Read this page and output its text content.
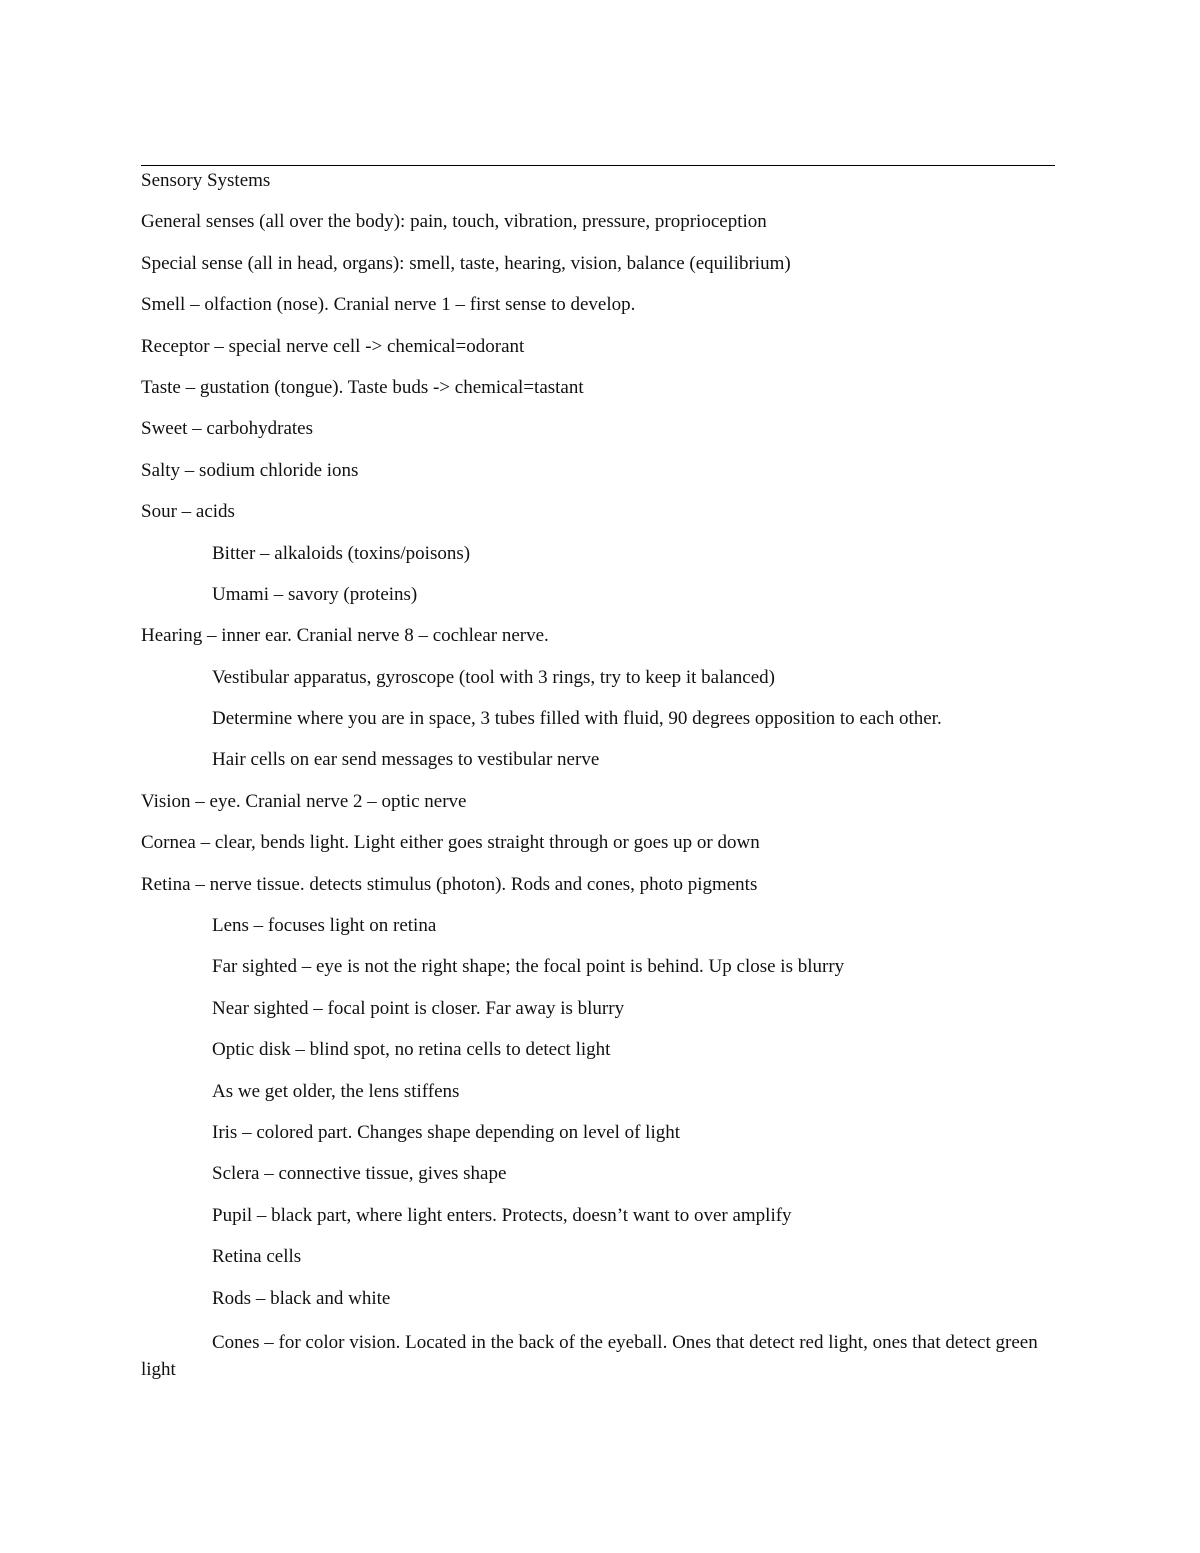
Sensory Systems
General senses (all over the body): pain, touch, vibration, pressure, proprioception
Special sense (all in head, organs): smell, taste, hearing, vision, balance (equilibrium)
Smell – olfaction (nose). Cranial nerve 1 – first sense to develop.
Receptor – special nerve cell -> chemical=odorant
Taste – gustation (tongue). Taste buds -> chemical=tastant
Sweet – carbohydrates
Salty – sodium chloride ions
Sour – acids
Bitter – alkaloids (toxins/poisons)
Umami – savory (proteins)
Hearing – inner ear. Cranial nerve 8 – cochlear nerve.
Vestibular apparatus, gyroscope (tool with 3 rings, try to keep it balanced)
Determine where you are in space, 3 tubes filled with fluid, 90 degrees opposition to each other.
Hair cells on ear send messages to vestibular nerve
Vision – eye. Cranial nerve 2 – optic nerve
Cornea – clear, bends light. Light either goes straight through or goes up or down
Retina – nerve tissue. detects stimulus (photon). Rods and cones, photo pigments
Lens – focuses light on retina
Far sighted – eye is not the right shape; the focal point is behind. Up close is blurry
Near sighted – focal point is closer. Far away is blurry
Optic disk – blind spot, no retina cells to detect light
As we get older, the lens stiffens
Iris – colored part. Changes shape depending on level of light
Sclera – connective tissue, gives shape
Pupil – black part, where light enters. Protects, doesn’t want to over amplify
Retina cells
Rods – black and white
Cones – for color vision. Located in the back of the eyeball. Ones that detect red light, ones that detect green light
